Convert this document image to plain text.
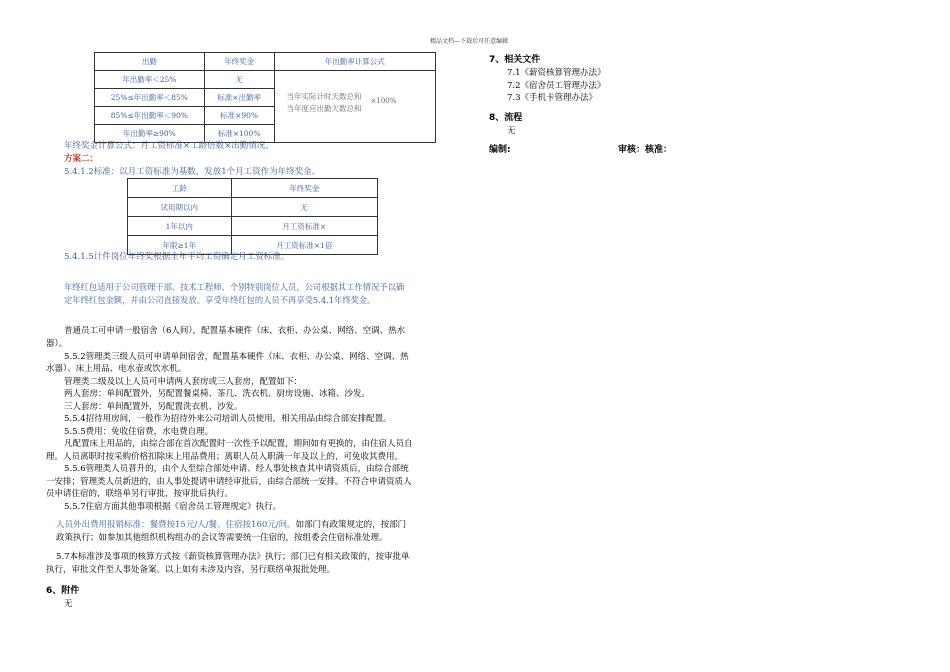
精品文档---下载后可任意编辑
出勤	年终奖金	年出勤率计算公式
年出勤率＜25%	无	当年实际计时天数总和
当年度应出勤天数总和
×100%

25%≤年出勤率＜85%	标准×出勤率	
85%≤年出勤率＜90%	标准×90%	
年出勤率≥90%	标准×100%	
年终奖金计算公式：月工资标准×工龄倍数×出勤情况。
方案二：
5.4.1.2标准：以月工资标准为基数，发放1个月工资作为年终奖金。
工龄	年终奖金
试用期以内	无
1年以内	月工资标准×
年限≥1年	月工资标准×1倍
5.4.1.5计件岗位年终奖根据全年平均工资确定月工资标准。
年终红包适用于公司管理干部、技术工程师、个别特别岗位人员，公司根据其工作情况予以确
定年终红包金额，并由公司直接发放。享受年终红包的人员不再享受5.4.1年终奖金。
普通员工可申请一般宿舍（6人间），配置基本硬件（床、衣柜、办公桌、网络、空调、热水
器）。
5.5.2管理类三级人员可申请单间宿舍，配置基本硬件（床、衣柜、办公桌、网络、空调、热
水器）、床上用品、电水壶或饮水机。
管理类二级及以上人员可申请两人套房或三人套房，配置如下：
两人套房：单间配置外，另配置餐桌椅、茶几、洗衣机、厨房设施、冰箱、沙发。
三人套房：单间配置外，另配置洗衣机、沙发。
5.5.4招待用房间，一般作为招待外来公司培训人员使用，相关用品由综合部安排配置。
5.5.5费用：免收住宿费，水电费自理。
凡配置床上用品的，由综合部在首次配置时一次性予以配置，期间如有更换的，由住宿人员自
理。人员离职时按采购价格扣除床上用品费用；离职人员入职满一年及以上的，可免收其费用。
5.5.6管理类人员晋升的，由个人至综合部处申请、经人事处核查其申请资质后，由综合部统
一安排；管理类人员新进的，由人事处提请申请经审批后，由综合部统一安排。不符合申请资质人
员申请住宿的，联络单另行审批，按审批后执行。
5.5.7住宿方面其他事项根据《宿舍员工管理规定》执行。
人员外出费用报销标准：餐费按15元/人/餐、住宿按160元/间。如部门有政策规定的，按部门
政策执行；如参加其他组织机构组办的会议等需要统一住宿的，按组委会住宿标准处理。
5.7本标准涉及事项的核算方式按《薪资核算管理办法》执行；部门已有相关政策的，按审批单
执行，审批文件至人事处备案。以上如有未涉及内容，另行联络单报批处理。
6、附件
无
7、相关文件
7.1《薪资核算管理办法》
7.2《宿舍员工管理办法》
7.3《手机卡管理办法》
8、流程
无
编制:	审核：核准：
